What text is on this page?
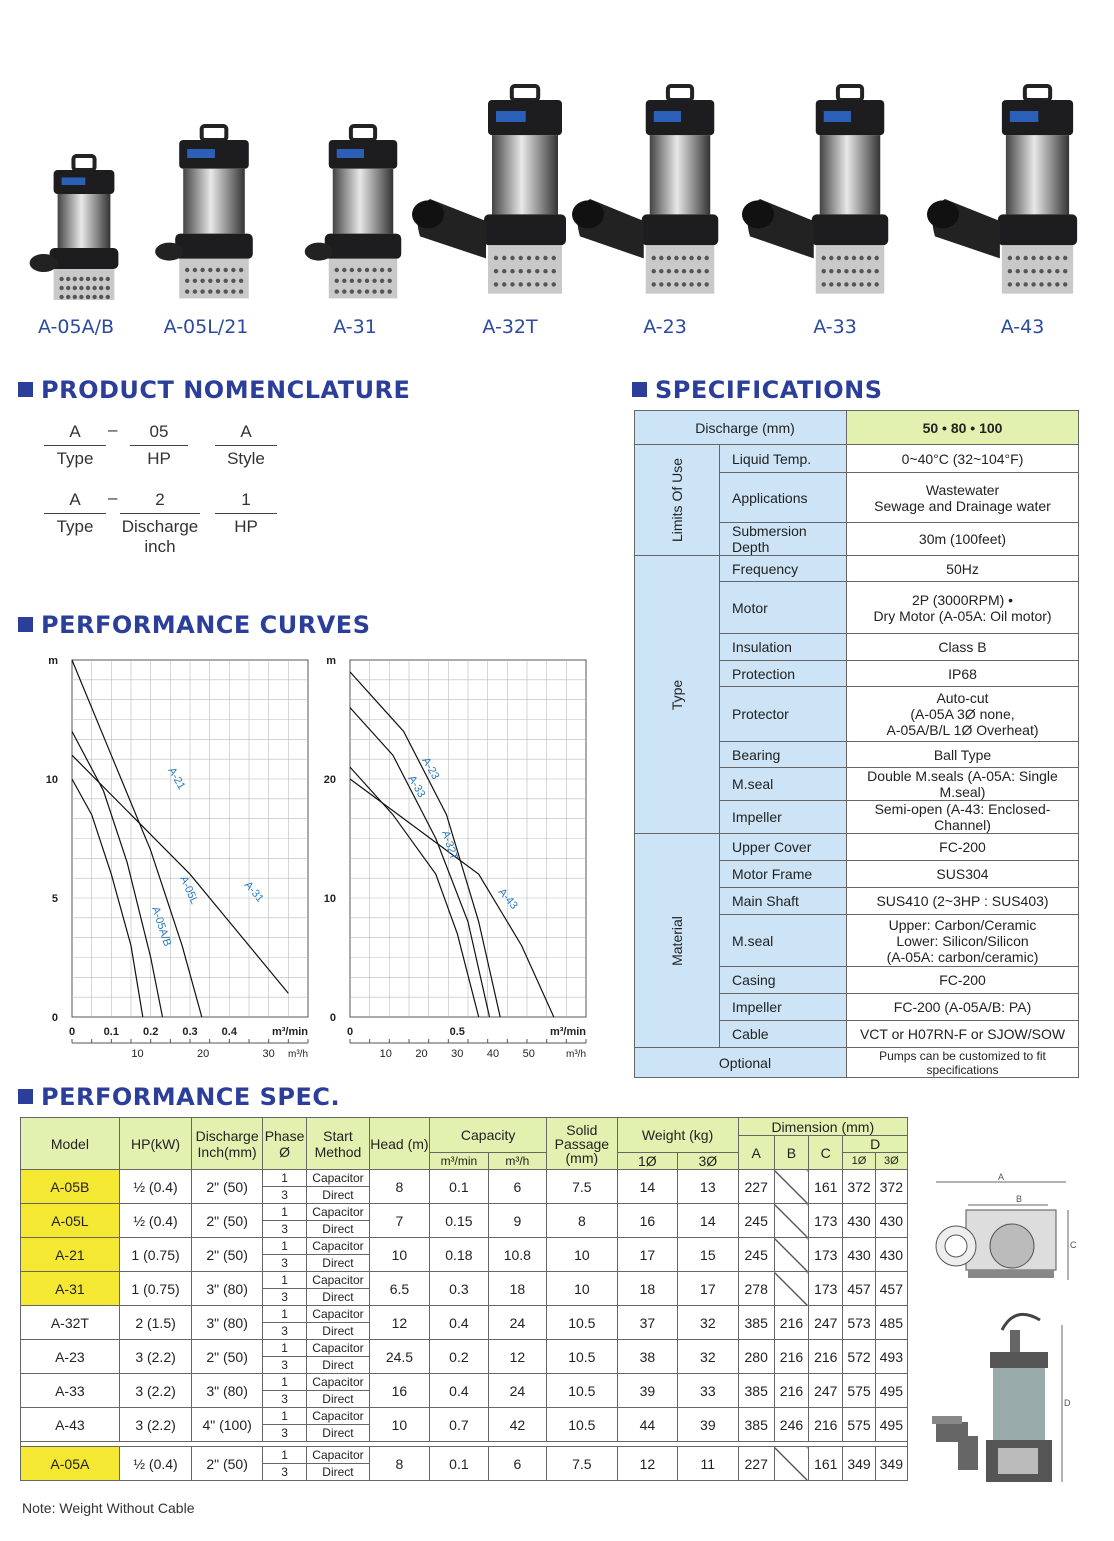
A-05A/B	A-05L/21	A-31	A-32T	A-23	A-33	A-43
PRODUCT NOMENCLATURE
A
Type
05
HP
A
Style
–
A
Type
2
Discharge inch
1
HP
–
PERFORMANCE CURVES
10
5
0
m
0	0.1 0.2 0.3 0.4	m³/min
10	20	30 m³/h
A-21
A-05L
A-05A/B
A-31
20
10
0
m
0	0.5	m³/min
10 20 30 40 50	m³/h
A-23
A-33
A-32T
A-43
SPECIFICATIONS
Discharge (mm)		50 • 80 • 100

Limits Of Use	Liquid Temp.	0~40°C (32~104°F)

	Applications	Wastewater
Sewage and Drainage water

	Submersion Depth	30m (100feet)

Type	Frequency	50Hz

	Motor	2P (3000RPM) •
Dry Motor (A-05A: Oil motor)

	Insulation	Class B

	Protection	IP68

	Protector	Auto-cut
(A-05A 3Ø none,
A-05A/B/L 1Ø Overheat)

	Bearing	Ball Type

	M.seal	Double M.seals (A-05A: Single M.seal)

	Impeller	Semi-open (A-43: Enclosed-Channel)

Material	Upper Cover	FC-200

	Motor Frame	SUS304

	Main Shaft	SUS410 (2~3HP : SUS403)

	M.seal	Upper: Carbon/Ceramic
Lower: Silicon/Silicon
(A-05A: carbon/ceramic)

	Casing	FC-200

	Impeller	FC-200 (A-05A/B: PA)

	Cable	VCT or H07RN-F or SJOW/SOW

Optional		Pumps can be customized to fit specifications
PERFORMANCE SPEC.
Model	HP(kW)	Discharge Inch(mm)	Phase Ø	Start Method	Head (m)	Capacity		Solid Passage (mm)	Weight (kg)		Dimension (mm)				
											A	B	C	D	
						m³/min	m³/h		1Ø	3Ø				1Ø	3Ø
A-05B	½ (0.4)	2" (50)	1	Capacitor	8	0.1	6	7.5	14	13	227		161	372	372
			3	Direct											
A-05L	½ (0.4)	2" (50)	1	Capacitor	7	0.15	9	8	16	14	245		173	430	430
			3	Direct											
A-21	1 (0.75)	2" (50)	1	Capacitor	10	0.18	10.8	10	17	15	245		173	430	430
			3	Direct											
A-31	1 (0.75)	3" (80)	1	Capacitor	6.5	0.3	18	10	18	17	278		173	457	457
			3	Direct											
A-32T	2 (1.5)	3" (80)	1	Capacitor	12	0.4	24	10.5	37	32	385	216	247	573	485
			3	Direct											
A-23	3 (2.2)	2" (50)	1	Capacitor	24.5	0.2	12	10.5	38	32	280	216	216	572	493
			3	Direct											
A-33	3 (2.2)	3" (80)	1	Capacitor	16	0.4	24	10.5	39	33	385	216	247	575	495
			3	Direct											
A-43	3 (2.2)	4" (100)	1	Capacitor	10	0.7	42	10.5	44	39	385	246	216	575	495
			3	Direct											

A-05A	½ (0.4)	2" (50)	1	Capacitor	8	0.1	6	7.5	12	11	227		161	349	349
			3	Direct											
Note: Weight Without Cable
A
B
C
D
